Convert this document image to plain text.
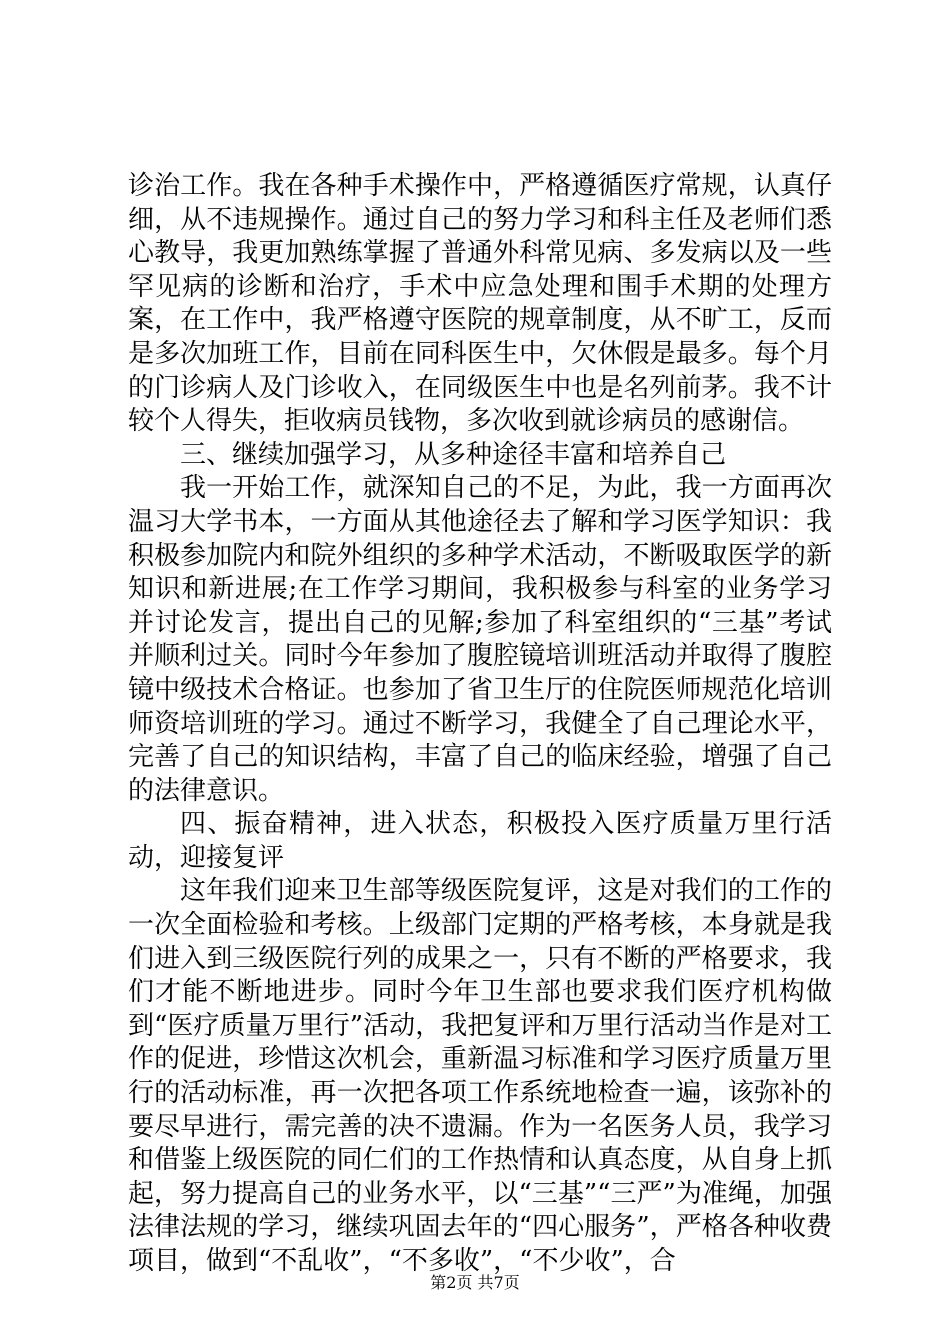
诊治工作。我在各种手术操作中，严格遵循医疗常规，认真仔细，从不违规操作。通过自己的努力学习和科主任及老师们悉心教导，我更加熟练掌握了普通外科常见病、多发病以及一些罕见病的诊断和治疗，手术中应急处理和围手术期的处理方案，在工作中，我严格遵守医院的规章制度，从不旷工，反而是多次加班工作，目前在同科医生中，欠休假是最多。每个月的门诊病人及门诊收入，在同级医生中也是名列前茅。我不计较个人得失，拒收病员钱物，多次收到就诊病员的感谢信。

三、继续加强学习，从多种途径丰富和培养自己

我一开始工作，就深知自己的不足，为此，我一方面再次温习大学书本，一方面从其他途径去了解和学习医学知识：我积极参加院内和院外组织的多种学术活动，不断吸取医学的新知识和新进展;在工作学习期间，我积极参与科室的业务学习并讨论发言，提出自己的见解;参加了科室组织的“三基”考试并顺利过关。同时今年参加了腹腔镜培训班活动并取得了腹腔镜中级技术合格证。也参加了省卫生厅的住院医师规范化培训师资培训班的学习。通过不断学习，我健全了自己理论水平，完善了自己的知识结构，丰富了自己的临床经验，增强了自己的法律意识。

四、振奋精神，进入状态，积极投入医疗质量万里行活动，迎接复评

这年我们迎来卫生部等级医院复评，这是对我们的工作的一次全面检验和考核。上级部门定期的严格考核，本身就是我们进入到三级医院行列的成果之一，只有不断的严格要求，我们才能不断地进步。同时今年卫生部也要求我们医疗机构做到“医疗质量万里行”活动，我把复评和万里行活动当作是对工作的促进，珍惜这次机会，重新温习标准和学习医疗质量万里行的活动标准，再一次把各项工作系统地检查一遍，该弥补的要尽早进行，需完善的决不遗漏。作为一名医务人员，我学习和借鉴上级医院的同仁们的工作热情和认真态度，从自身上抓起，努力提高自己的业务水平，以“三基”“三严”为准绳，加强法律法规的学习，继续巩固去年的“四心服务”，严格各种收费项目，做到“不乱收”，“不多收”，“不少收”，合

第2页 共7页
